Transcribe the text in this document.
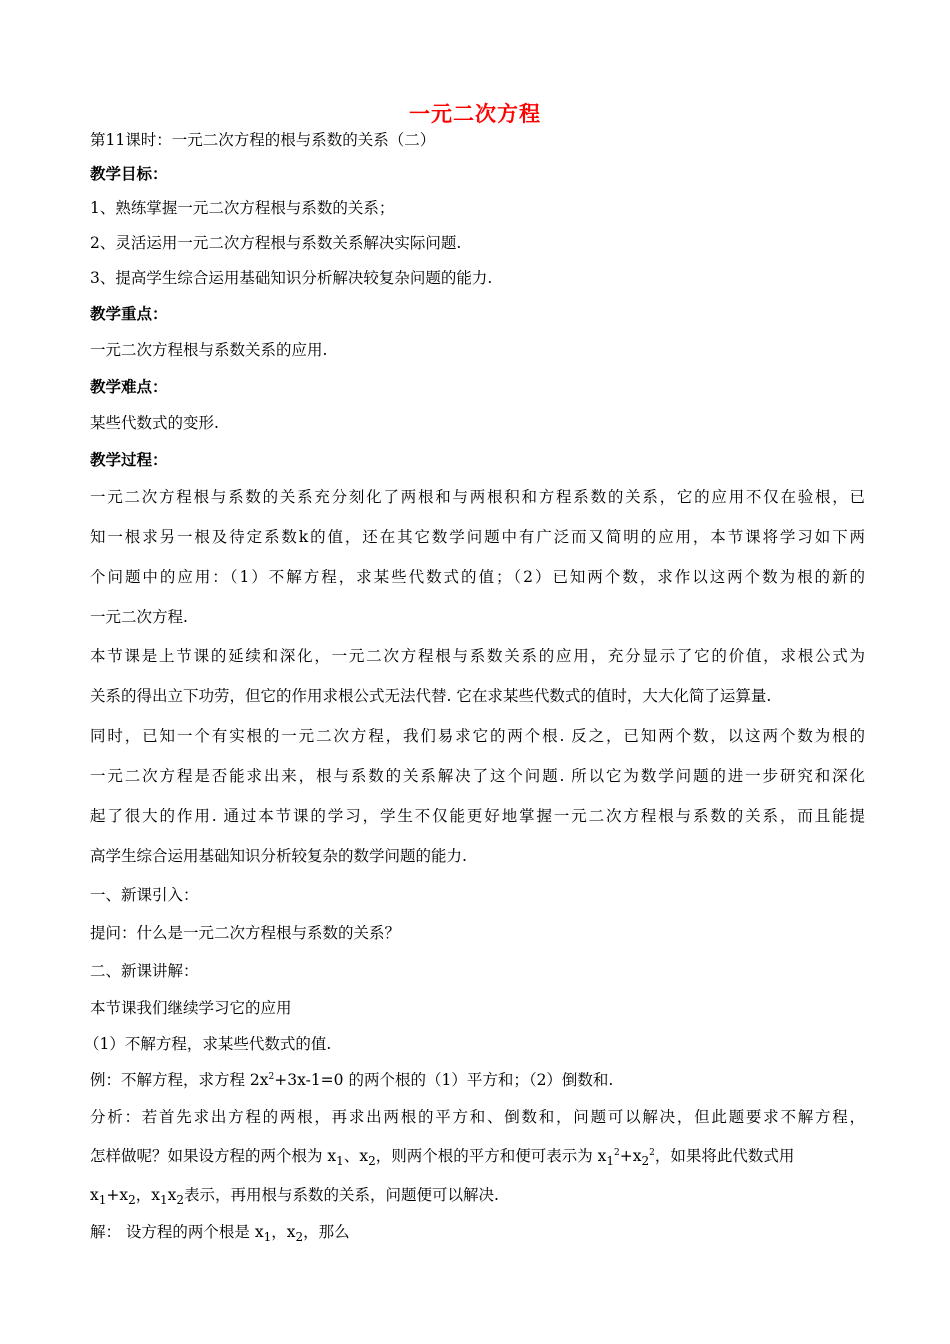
一元二次方程
第11课时：一元二次方程的根与系数的关系（二）
教学目标：
1、熟练掌握一元二次方程根与系数的关系；
2、灵活运用一元二次方程根与系数关系解决实际问题.
3、提高学生综合运用基础知识分析解决较复杂问题的能力.
教学重点：
一元二次方程根与系数关系的应用.
教学难点：
某些代数式的变形.
教学过程：
一元二次方程根与系数的关系充分刻化了两根和与两根积和方程系数的关系，它的应用不仅在验根，已
知一根求另一根及待定系数k的值，还在其它数学问题中有广泛而又简明的应用，本节课将学习如下两
个问题中的应用：（1）不解方程，求某些代数式的值；（2）已知两个数，求作以这两个数为根的新的
一元二次方程.
本节课是上节课的延续和深化，一元二次方程根与系数关系的应用，充分显示了它的价值，求根公式为
关系的得出立下功劳，但它的作用求根公式无法代替. 它在求某些代数式的值时，大大化简了运算量.
同时，已知一个有实根的一元二次方程，我们易求它的两个根. 反之，已知两个数，以这两个数为根的
一元二次方程是否能求出来，根与系数的关系解决了这个问题. 所以它为数学问题的进一步研究和深化
起了很大的作用. 通过本节课的学习，学生不仅能更好地掌握一元二次方程根与系数的关系，而且能提
高学生综合运用基础知识分析较复杂的数学问题的能力.
一、新课引入：
提问：什么是一元二次方程根与系数的关系？
二、新课讲解：
本节课我们继续学习它的应用
（1）不解方程，求某些代数式的值.
例：不解方程，求方程 $2x^2+3x-1=0$ 的两个根的（1）平方和；（2）倒数和.
分析：若首先求出方程的两根，再求出两根的平方和、倒数和，问题可以解决，但此题要求不解方程，
怎样做呢？如果设方程的两个根为 $x_1$、$x_2$，则两个根的平方和便可表示为 $x_1^2+x_2^2$，如果将此代数式用
$x_1+x_2$，$x_1x_2$表示，再用根与系数的关系，问题便可以解决.
解： 设方程的两个根是 $x_1$，$x_2$，那么
